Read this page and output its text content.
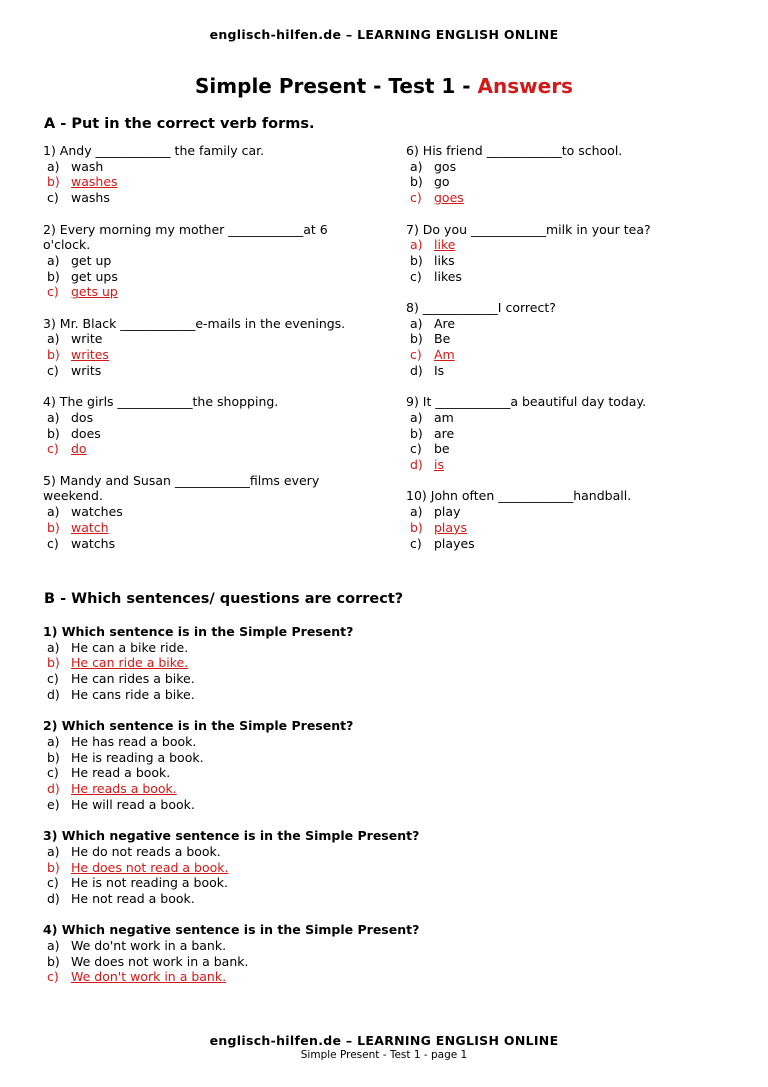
englisch-hilfen.de – LEARNING ENGLISH ONLINE
Simple Present - Test 1 - Answers
A - Put in the correct verb forms.
1) Andy ____________ the family car.
a) wash
b) washes
c) washs
2) Every morning my mother ____________at 6 o'clock.
a) get up
b) get ups
c) gets up
3) Mr. Black ____________e-mails in the evenings.
a) write
b) writes
c) writs
4) The girls ____________the shopping.
a) dos
b) does
c) do
5) Mandy and Susan ____________films every weekend.
a) watches
b) watch
c) watchs
6) His friend ____________to school.
a) gos
b) go
c) goes
7) Do you ____________milk in your tea?
a) like
b) liks
c) likes
8) ____________I correct?
a) Are
b) Be
c) Am
d) Is
9) It ____________a beautiful day today.
a) am
b) are
c) be
d) is
10) John often ____________handball.
a) play
b) plays
c) playes
B - Which sentences/ questions are correct?
1) Which sentence is in the Simple Present?
a) He can a bike ride.
b) He can ride a bike.
c) He can rides a bike.
d) He cans ride a bike.
2) Which sentence is in the Simple Present?
a) He has read a book.
b) He is reading a book.
c) He read a book.
d) He reads a book.
e) He will read a book.
3) Which negative sentence is in the Simple Present?
a) He do not reads a book.
b) He does not read a book.
c) He is not reading a book.
d) He not read a book.
4) Which negative sentence is in the Simple Present?
a) We do'nt work in a bank.
b) We does not work in a bank.
c) We don't work in a bank.
englisch-hilfen.de – LEARNING ENGLISH ONLINE
Simple Present - Test 1 - page 1
